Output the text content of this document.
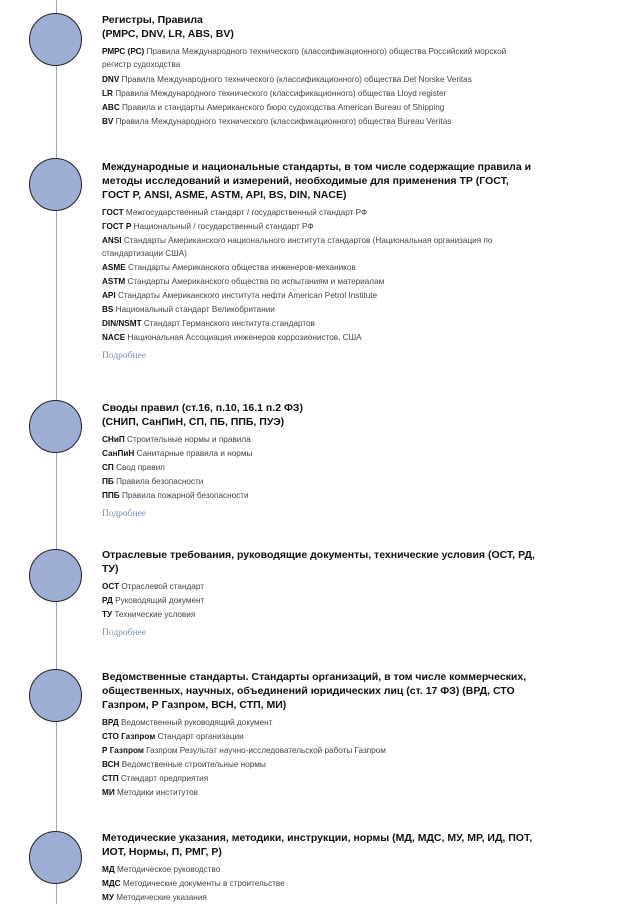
Регистры, Правила (РМРС, DNV, LR, ABS, BV)
РМРС (РС) Правила Международного технического (классификационного) общества Российский морской регистр судоходства
DNV Правила Международного технического (классификационного) общества Det Norske Veritas
LR Правила Международного технического (классификационного) общества Lloyd register
ABC Правила и стандарты Американского бюро судоходства American Bureau of Shipping
BV Правила Международного технического (классификационного) общества Bureau Veritas
Международные и национальные стандарты, в том числе содержащие правила и методы исследований и измерений, необходимые для применения ТР (ГОСТ, ГОСТ Р, ANSI, ASME, ASTM, API, BS, DIN, NACE)
ГОСТ Межгосударственный стандарт / государственный стандарт РФ
ГОСТ Р Национальный / государственный стандарт РФ
ANSI Стандарты Американского национального института стандартов (Национальная организация по стандартизации США)
ASME Стандарты Американского общества инженеров-механиков
ASTM Стандарты Американского общества по испытаниям и материалам
API Стандарты Американского института нефти American Petrol Institute
BS Национальный стандарт Великобритании
DIN/NSMT Стандарт Германского института стандартов
NACE Национальная Ассоциация инженеров коррозионистов, США
Подробнее
Своды правил (ст.16, п.10, 16.1 п.2 ФЗ) (СНИП, СанПиН, СП, ПБ, ППБ, ПУЭ)
СНиП Строительные нормы и правила
СанПиН Санитарные правила и нормы
СП Свод правил
ПБ Правила безопасности
ППБ Правила пожарной безопасности
Подробнее
Отраслевые требования, руководящие документы, технические условия (ОСТ, РД, ТУ)
ОСТ Отраслевой стандарт
РД Руководящий документ
ТУ Технические условия
Подробнее
Ведомственные стандарты. Стандарты организаций, в том числе коммерческих, общественных, научных, объединений юридических лиц (ст. 17 ФЗ) (ВРД, СТО Газпром, Р Газпром, ВСН, СТП, МИ)
ВРД Ведомственный руководящий документ
СТО Газпром Стандарт организации
Р Газпром Газпром Результат научно-исследовательской работы Газпром
ВСН Ведомственные строительные нормы
СТП Стандарт предприятия
МИ Методики институтов
Методические указания, методики, инструкции, нормы (МД, МДС, МУ, МР, ИД, ПОТ, ИОТ, Нормы, П, РМГ, Р)
МД Методическое руководство
МДС Методические документы в строительстве
МУ Методические указания
